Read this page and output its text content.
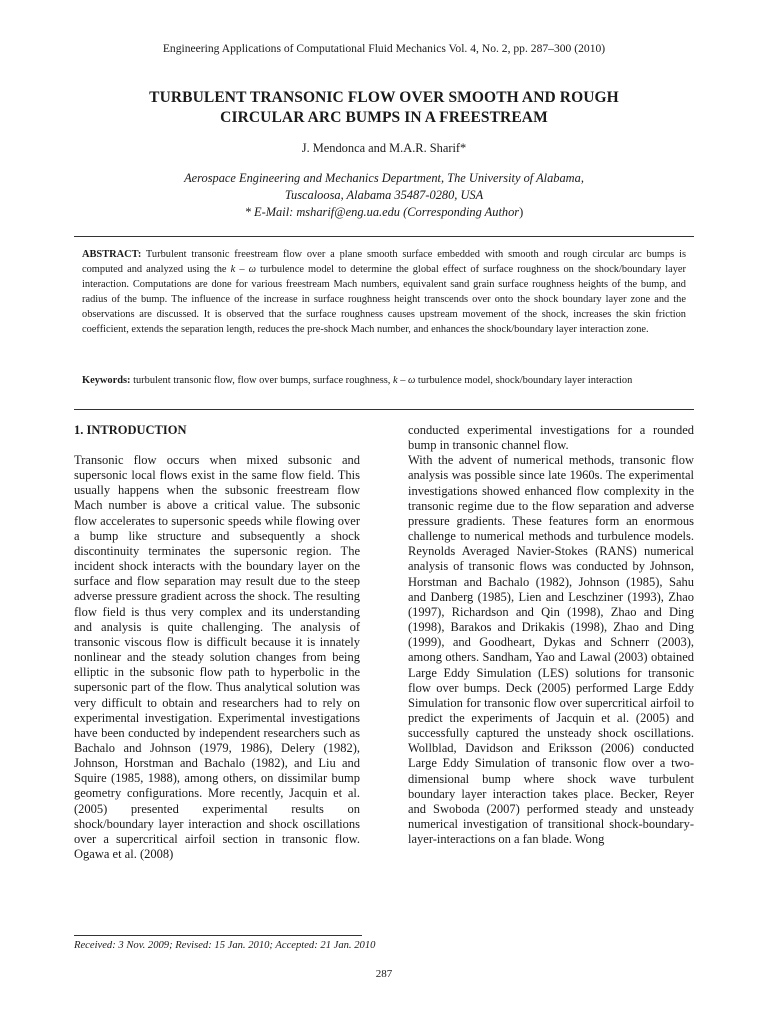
Engineering Applications of Computational Fluid Mechanics Vol. 4, No. 2, pp. 287–300 (2010)
TURBULENT TRANSONIC FLOW OVER SMOOTH AND ROUGH
CIRCULAR ARC BUMPS IN A FREESTREAM
J. Mendonca and M.A.R. Sharif*
Aerospace Engineering and Mechanics Department, The University of Alabama,
Tuscaloosa, Alabama 35487-0280, USA
* E-Mail: msharif@eng.ua.edu (Corresponding Author)
ABSTRACT: Turbulent transonic freestream flow over a plane smooth surface embedded with smooth and rough circular arc bumps is computed and analyzed using the k – ω turbulence model to determine the global effect of surface roughness on the shock/boundary layer interaction. Computations are done for various freestream Mach numbers, equivalent sand grain surface roughness heights of the bump, and radius of the bump. The influence of the increase in surface roughness height transcends over onto the shock boundary layer zone and the observations are discussed. It is observed that the surface roughness causes upstream movement of the shock, increases the skin friction coefficient, extends the separation length, reduces the pre-shock Mach number, and enhances the shock/boundary layer interaction zone.
Keywords: turbulent transonic flow, flow over bumps, surface roughness, k – ω turbulence model, shock/boundary layer interaction
1. INTRODUCTION

Transonic flow occurs when mixed subsonic and supersonic local flows exist in the same flow field. This usually happens when the subsonic freestream flow Mach number is above a critical value. The subsonic flow accelerates to supersonic speeds while flowing over a bump like structure and subsequently a shock discontinuity terminates the supersonic region. The incident shock interacts with the boundary layer on the surface and flow separation may result due to the steep adverse pressure gradient across the shock. The resulting flow field is thus very complex and its understanding and analysis is quite challenging. The analysis of transonic viscous flow is difficult because it is innately nonlinear and the steady solution changes from being elliptic in the subsonic flow path to hyperbolic in the supersonic part of the flow. Thus analytical solution was very difficult to obtain and researchers had to rely on experimental investigation. Experimental investigations have been conducted by independent researchers such as Bachalo and Johnson (1979, 1986), Delery (1982), Johnson, Horstman and Bachalo (1982), and Liu and Squire (1985, 1988), among others, on dissimilar bump geometry configurations. More recently, Jacquin et al. (2005) presented experimental results on shock/boundary layer interaction and shock oscillations over a supercritical airfoil section in transonic flow. Ogawa et al. (2008)

conducted experimental investigations for a rounded bump in transonic channel flow.

With the advent of numerical methods, transonic flow analysis was possible since late 1960s. The experimental investigations showed enhanced flow complexity in the transonic regime due to the flow separation and adverse pressure gradients. These features form an enormous challenge to numerical methods and turbulence models. Reynolds Averaged Navier-Stokes (RANS) numerical analysis of transonic flows was conducted by Johnson, Horstman and Bachalo (1982), Johnson (1985), Sahu and Danberg (1985), Lien and Leschziner (1993), Zhao (1997), Richardson and Qin (1998), Zhao and Ding (1998), Barakos and Drikakis (1998), Zhao and Ding (1999), and Goodheart, Dykas and Schnerr (2003), among others. Sandham, Yao and Lawal (2003) obtained Large Eddy Simulation (LES) solutions for transonic flow over bumps. Deck (2005) performed Large Eddy Simulation for transonic flow over supercritical airfoil to predict the experiments of Jacquin et al. (2005) and successfully captured the unsteady shock oscillations. Wollblad, Davidson and Eriksson (2006) conducted Large Eddy Simulation of transonic flow over a two-dimensional bump where shock wave turbulent boundary layer interaction takes place. Becker, Reyer and Swoboda (2007) performed steady and unsteady numerical investigation of transitional shock-boundary-layer-interactions on a fan blade. Wong

Received: 3 Nov. 2009; Revised: 15 Jan. 2010; Accepted: 21 Jan. 2010
287
